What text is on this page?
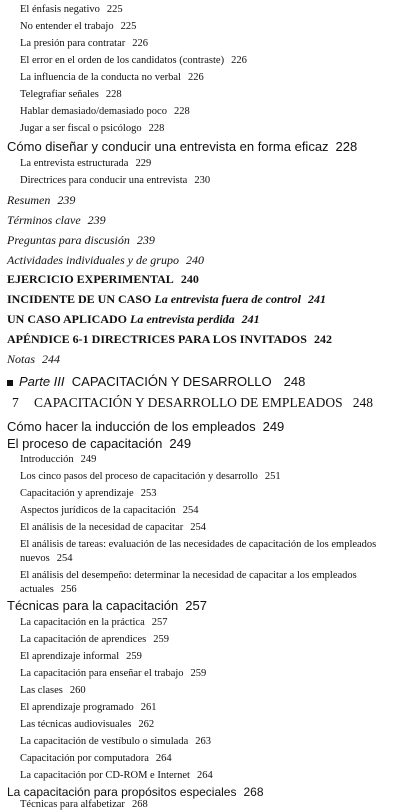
El énfasis negativo 225
No entender el trabajo 225
La presión para contratar 226
El error en el orden de los candidatos (contraste) 226
La influencia de la conducta no verbal 226
Telegrafiar señales 228
Hablar demasiado/demasiado poco 228
Jugar a ser fiscal o psicólogo 228
Cómo diseñar y conducir una entrevista en forma eficaz 228
La entrevista estructurada 229
Directrices para conducir una entrevista 230
Resumen 239
Términos clave 239
Preguntas para discusión 239
Actividades individuales y de grupo 240
EJERCICIO EXPERIMENTAL 240
INCIDENTE DE UN CASO La entrevista fuera de control 241
UN CASO APLICADO La entrevista perdida 241
APÉNDICE 6-1 DIRECTRICES PARA LOS INVITADOS 242
Notas 244
Parte III CAPACITACIÓN Y DESARROLLO 248
7 CAPACITACIÓN Y DESARROLLO DE EMPLEADOS 248
Cómo hacer la inducción de los empleados 249
El proceso de capacitación 249
Introducción 249
Los cinco pasos del proceso de capacitación y desarrollo 251
Capacitación y aprendizaje 253
Aspectos jurídicos de la capacitación 254
El análisis de la necesidad de capacitar 254
El análisis de tareas: evaluación de las necesidades de capacitación de los empleados nuevos 254
El análisis del desempeño: determinar la necesidad de capacitar a los empleados actuales 256
Técnicas para la capacitación 257
La capacitación en la práctica 257
La capacitación de aprendices 259
El aprendizaje informal 259
La capacitación para enseñar el trabajo 259
Las clases 260
El aprendizaje programado 261
Las técnicas audiovisuales 262
La capacitación de vestíbulo o simulada 263
Capacitación por computadora 264
La capacitación por CD-ROM e Internet 264
La capacitación para propósitos especiales 268
Técnicas para alfabetizar 268
